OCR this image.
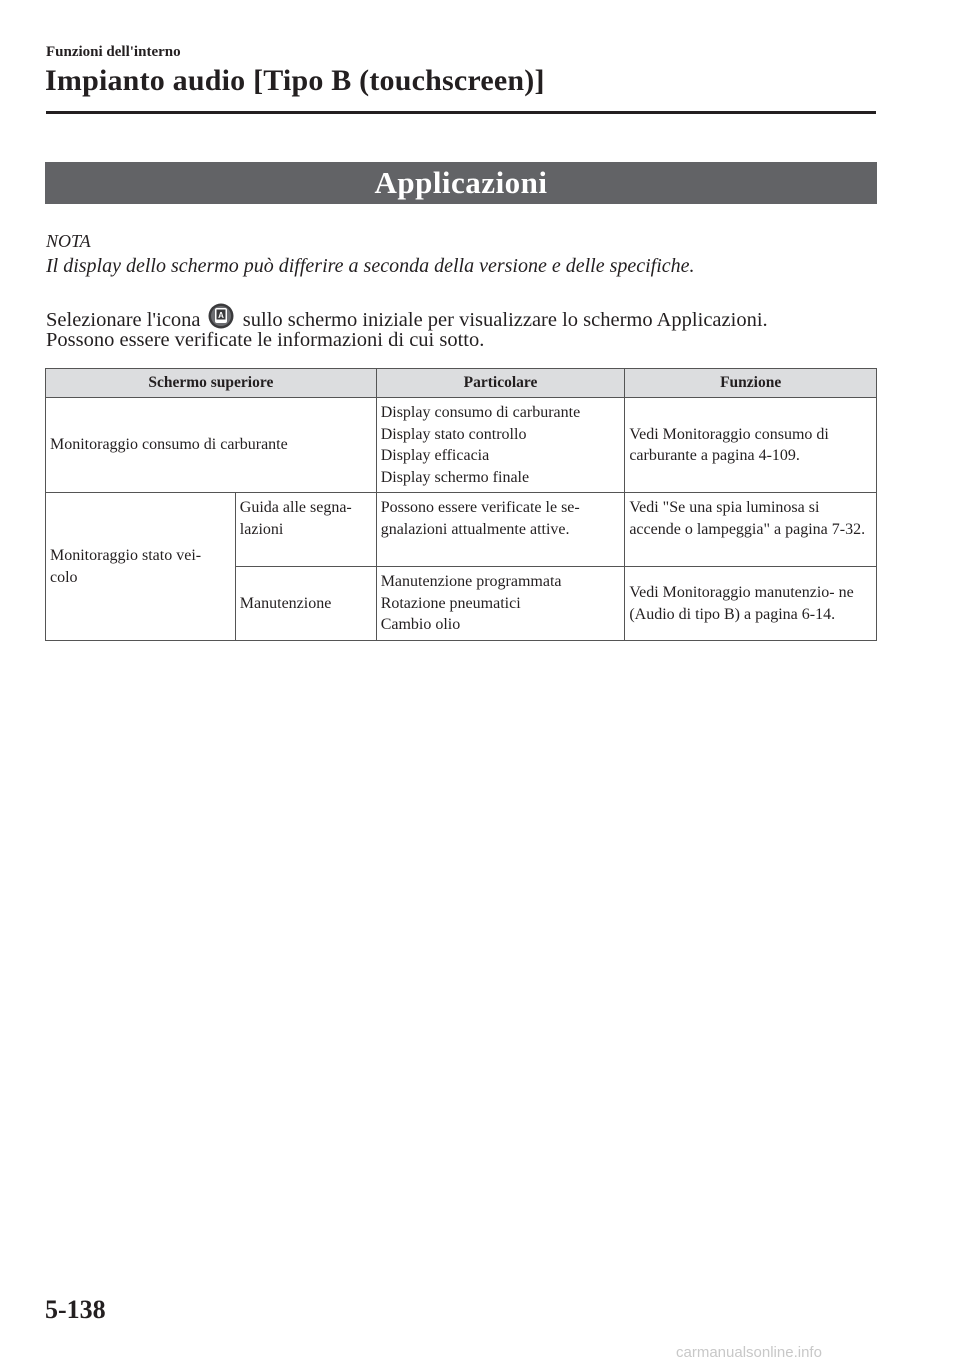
Funzioni dell'interno
Impianto audio [Tipo B (touchscreen)]
Applicazioni
NOTA
Il display dello schermo può differire a seconda della versione e delle specifiche.
Selezionare l'icona A sullo schermo iniziale per visualizzare lo schermo Applicazioni.
Possono essere verificate le informazioni di cui sotto.
Schermo superiore		Particolare	Funzione
Monitoraggio consumo di carburante		Display consumo di carburante
Display stato controllo
Display efficacia
Display schermo finale	Vedi Monitoraggio consumo di carburante a pagina 4-109.
Monitoraggio stato vei- colo	Guida alle segna- lazioni	Possono essere verificate le se- gnalazioni attualmente attive.	Vedi "Se una spia luminosa si accende o lampeggia" a pagina 7-32.
	Manutenzione	Manutenzione programmata
Rotazione pneumatici
Cambio olio	Vedi Monitoraggio manutenzio- ne (Audio di tipo B) a pagina 6-14.
5-138
carmanualsonline.info
